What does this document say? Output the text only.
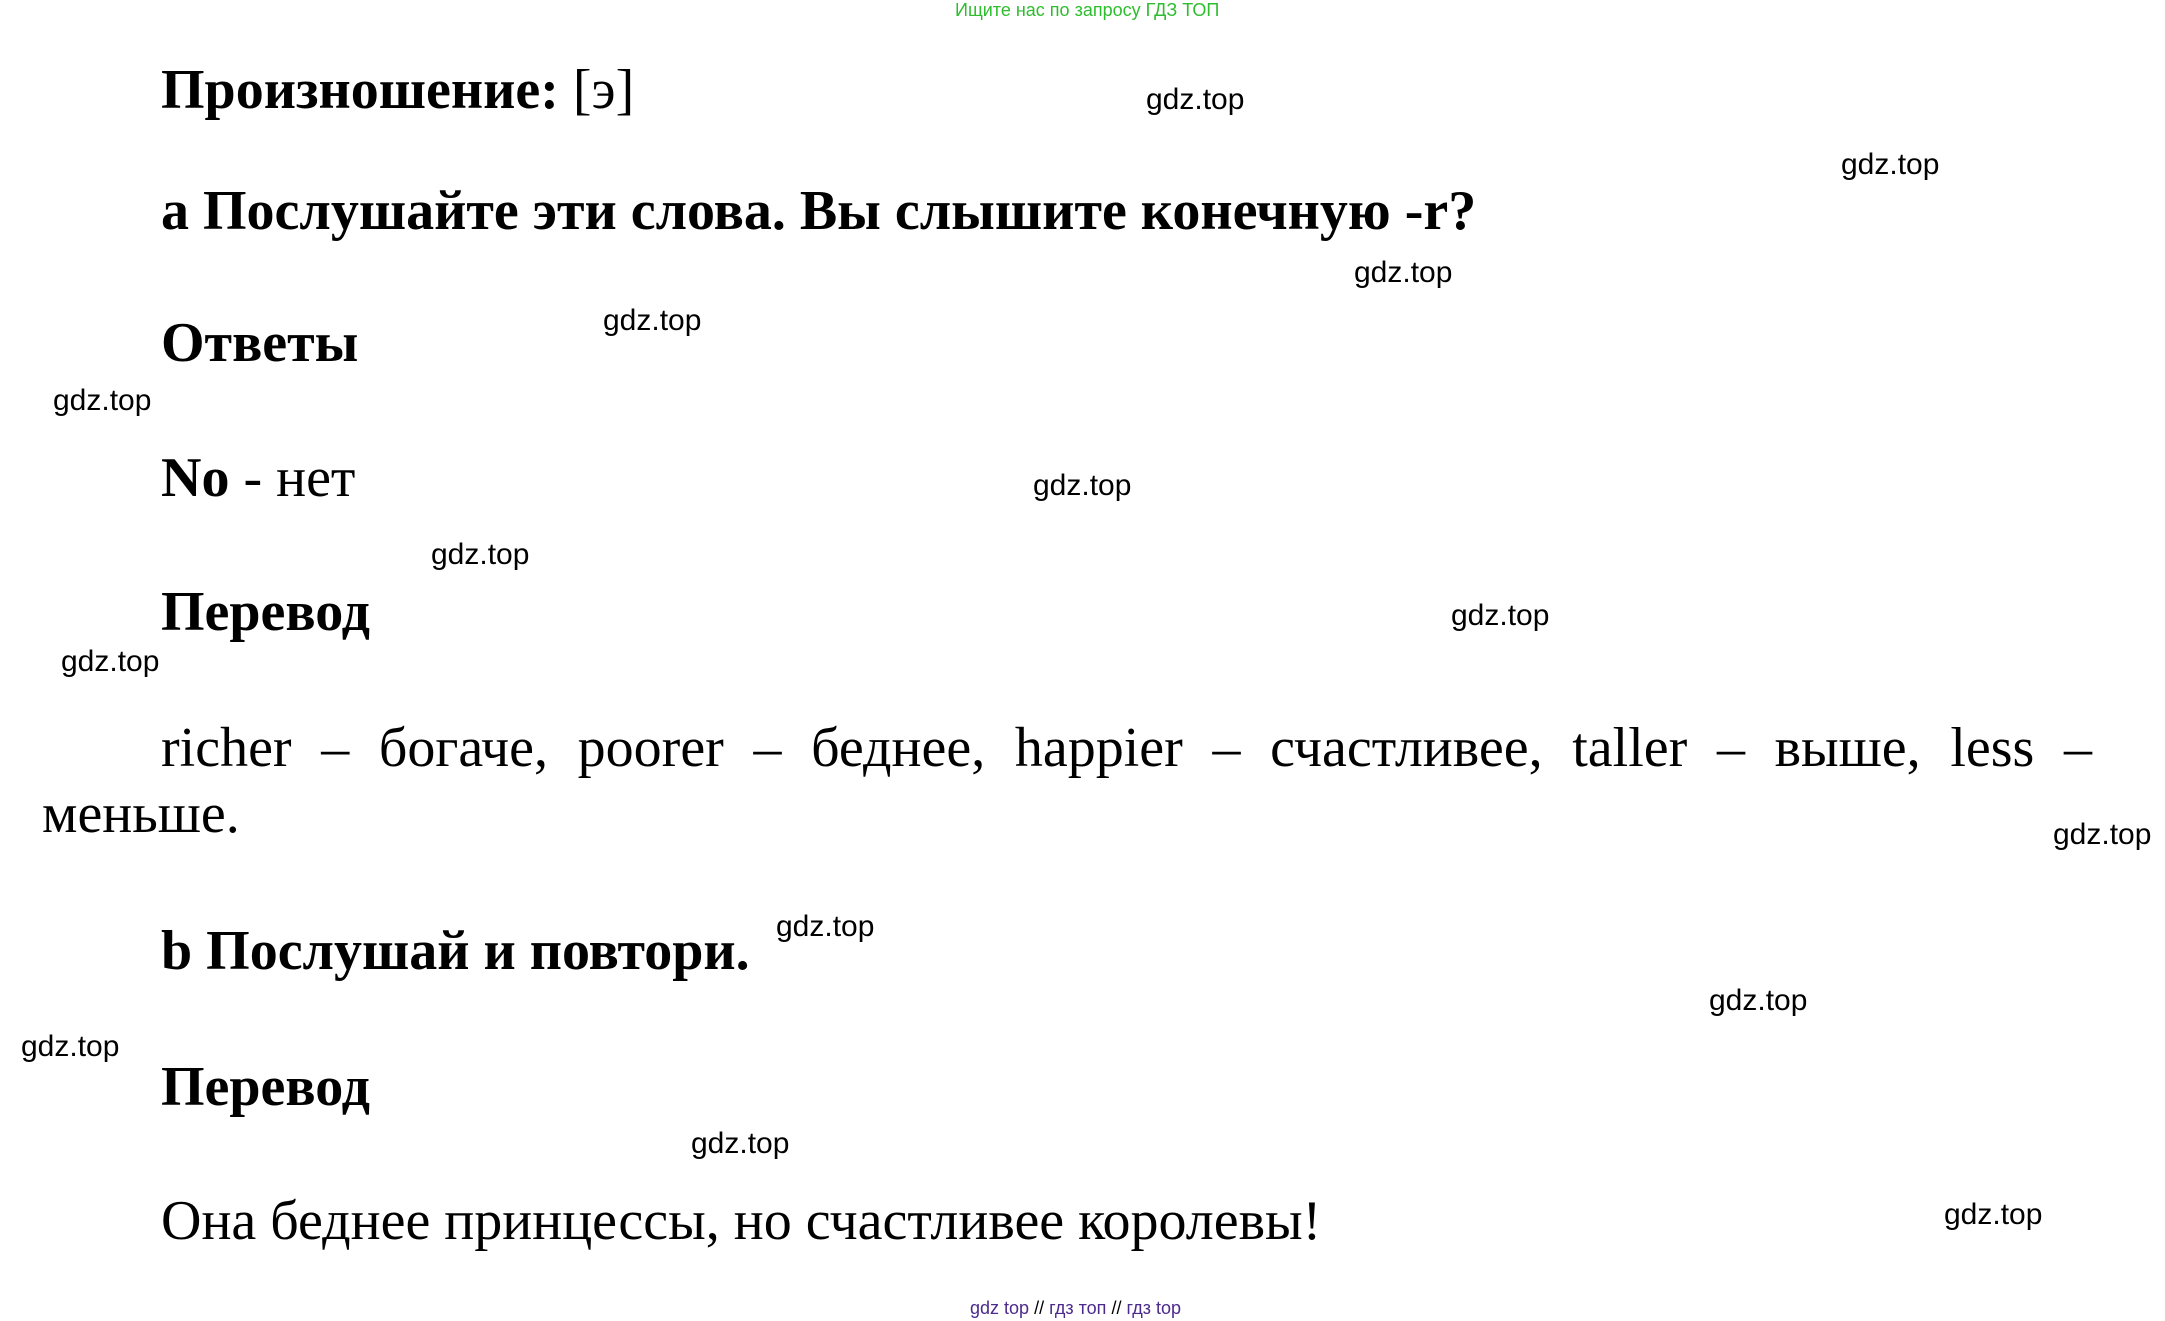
Ищите нас по запросу ГДЗ ТОП
Произношение: [э]
a Послушайте эти слова. Вы слышите конечную -r?
Ответы
No - нет
Перевод
richer – богаче, poorer – беднее, happier – счастливее, taller – выше, less – меньше.
b Послушай и повтори.
Перевод
Она беднее принцессы, но счастливее королевы!
gdz.top
gdz.top
gdz.top
gdz.top
gdz.top
gdz.top
gdz.top
gdz.top
gdz.top
gdz.top
gdz.top
gdz.top
gdz.top
gdz.top
gdz.top
gdz top // гдз топ // гдз top
